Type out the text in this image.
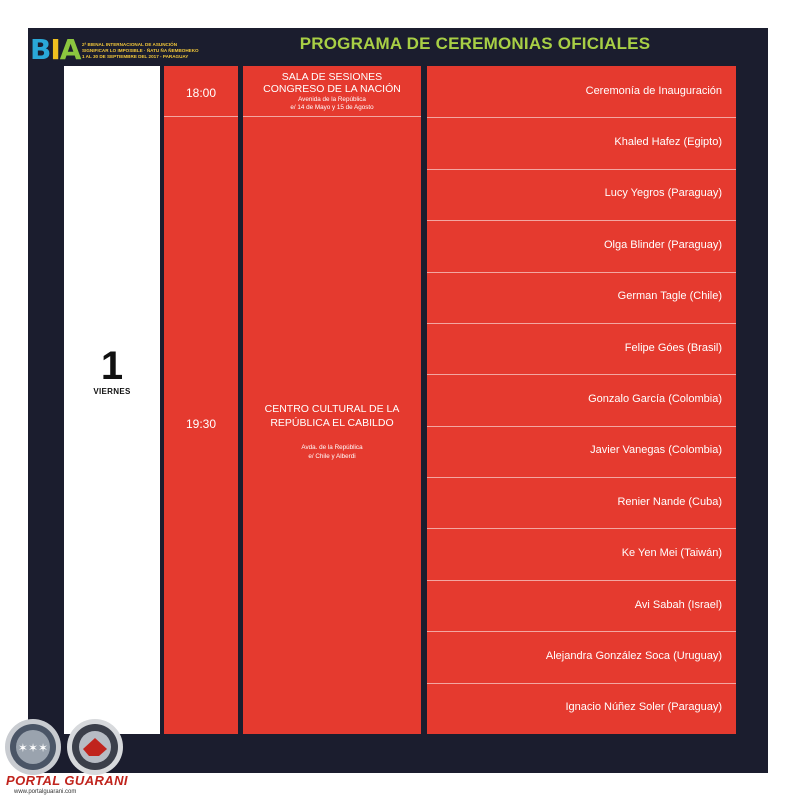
BIA 2ª BIENAL INTERNACIONAL DE ASUNCIÓN
SIGNIFICAR LO IMPOSIBLE · ÑATU ÑA ÑEMBOHEKO
1 AL 30 DE SEPTIEMBRE DEL 2017 - PARAGUAY
PROGRAMA DE CEREMONIAS OFICIALES
1
VIERNES
18:00
19:30
SALA DE SESIONES
CONGRESO DE LA NACIÓN
Avenida de la República
e/ 14 de Mayo y 15 de Agosto
CENTRO CULTURAL DE LA
REPÚBLICA EL CABILDO
Avda. de la República
e/ Chile y Alberdi
Ceremonía de Inauguración
Khaled Hafez (Egipto)
Lucy Yegros (Paraguay)
Olga Blinder (Paraguay)
German Tagle (Chile)
Felipe Góes (Brasil)
Gonzalo García (Colombia)
Javier Vanegas (Colombia)
Renier Nande (Cuba)
Ke Yen Mei (Taiwán)
Avi Sabah (Israel)
Alejandra González Soca (Uruguay)
Ignacio Núñez Soler (Paraguay)
✶✶✶
PORTAL GUARANI
www.portalguarani.com
